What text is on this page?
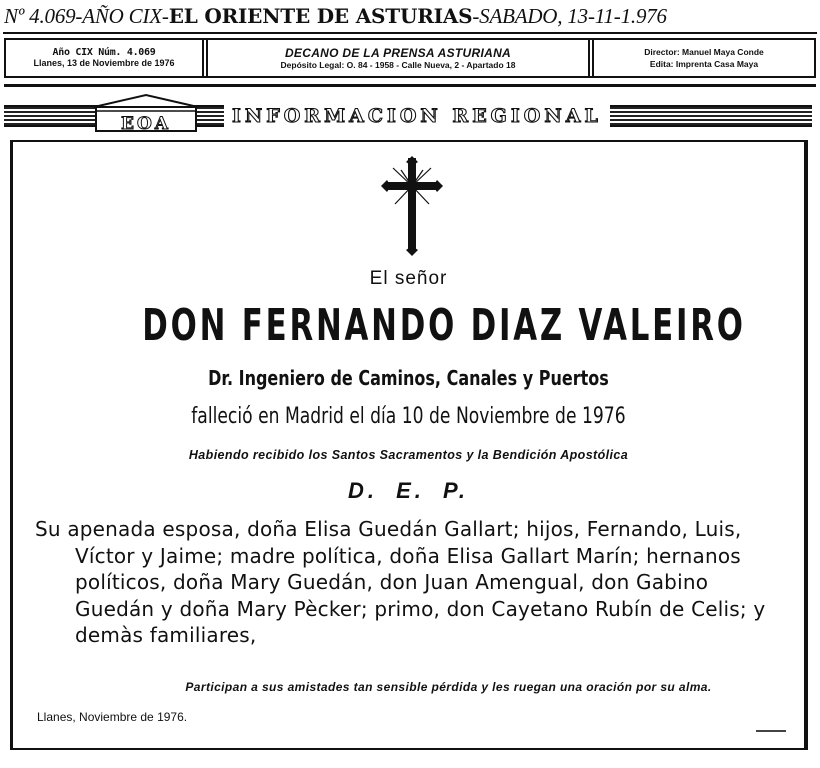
Nº 4.069-AÑO CIX-EL ORIENTE DE ASTURIAS-SABADO, 13-11-1.976
Año CIX Núm. 4.069
Llanes, 13 de Noviembre de 1976
DECANO DE LA PRENSA ASTURIANA
Depósito Legal: O. 84 - 1958 - Calle Nueva, 2 - Apartado 18
Director: Manuel Maya Conde
Edita: Imprenta Casa Maya
EOA	INFORMACION REGIONAL
El señor
DON FERNANDO DIAZ VALEIRO
Dr. Ingeniero de Caminos, Canales y Puertos
falleció en Madrid el día 10 de Noviembre de 1976
Habiendo recibido los Santos Sacramentos y la Bendición Apostólica
D. E. P.
Su apenada esposa, doña Elisa Guedán Gallart; hijos, Fernando, Luis,
Víctor y Jaime; madre política, doña Elisa Gallart Marín; hernanos
políticos, doña Mary Guedán, don Juan Amengual, don Gabino
Guedán y doña Mary Pècker; primo, don Cayetano Rubín de Celis; y
demàs familiares,
Participan a sus amistades tan sensible pérdida y les ruegan una oración por su alma.
Llanes, Noviembre de 1976.
